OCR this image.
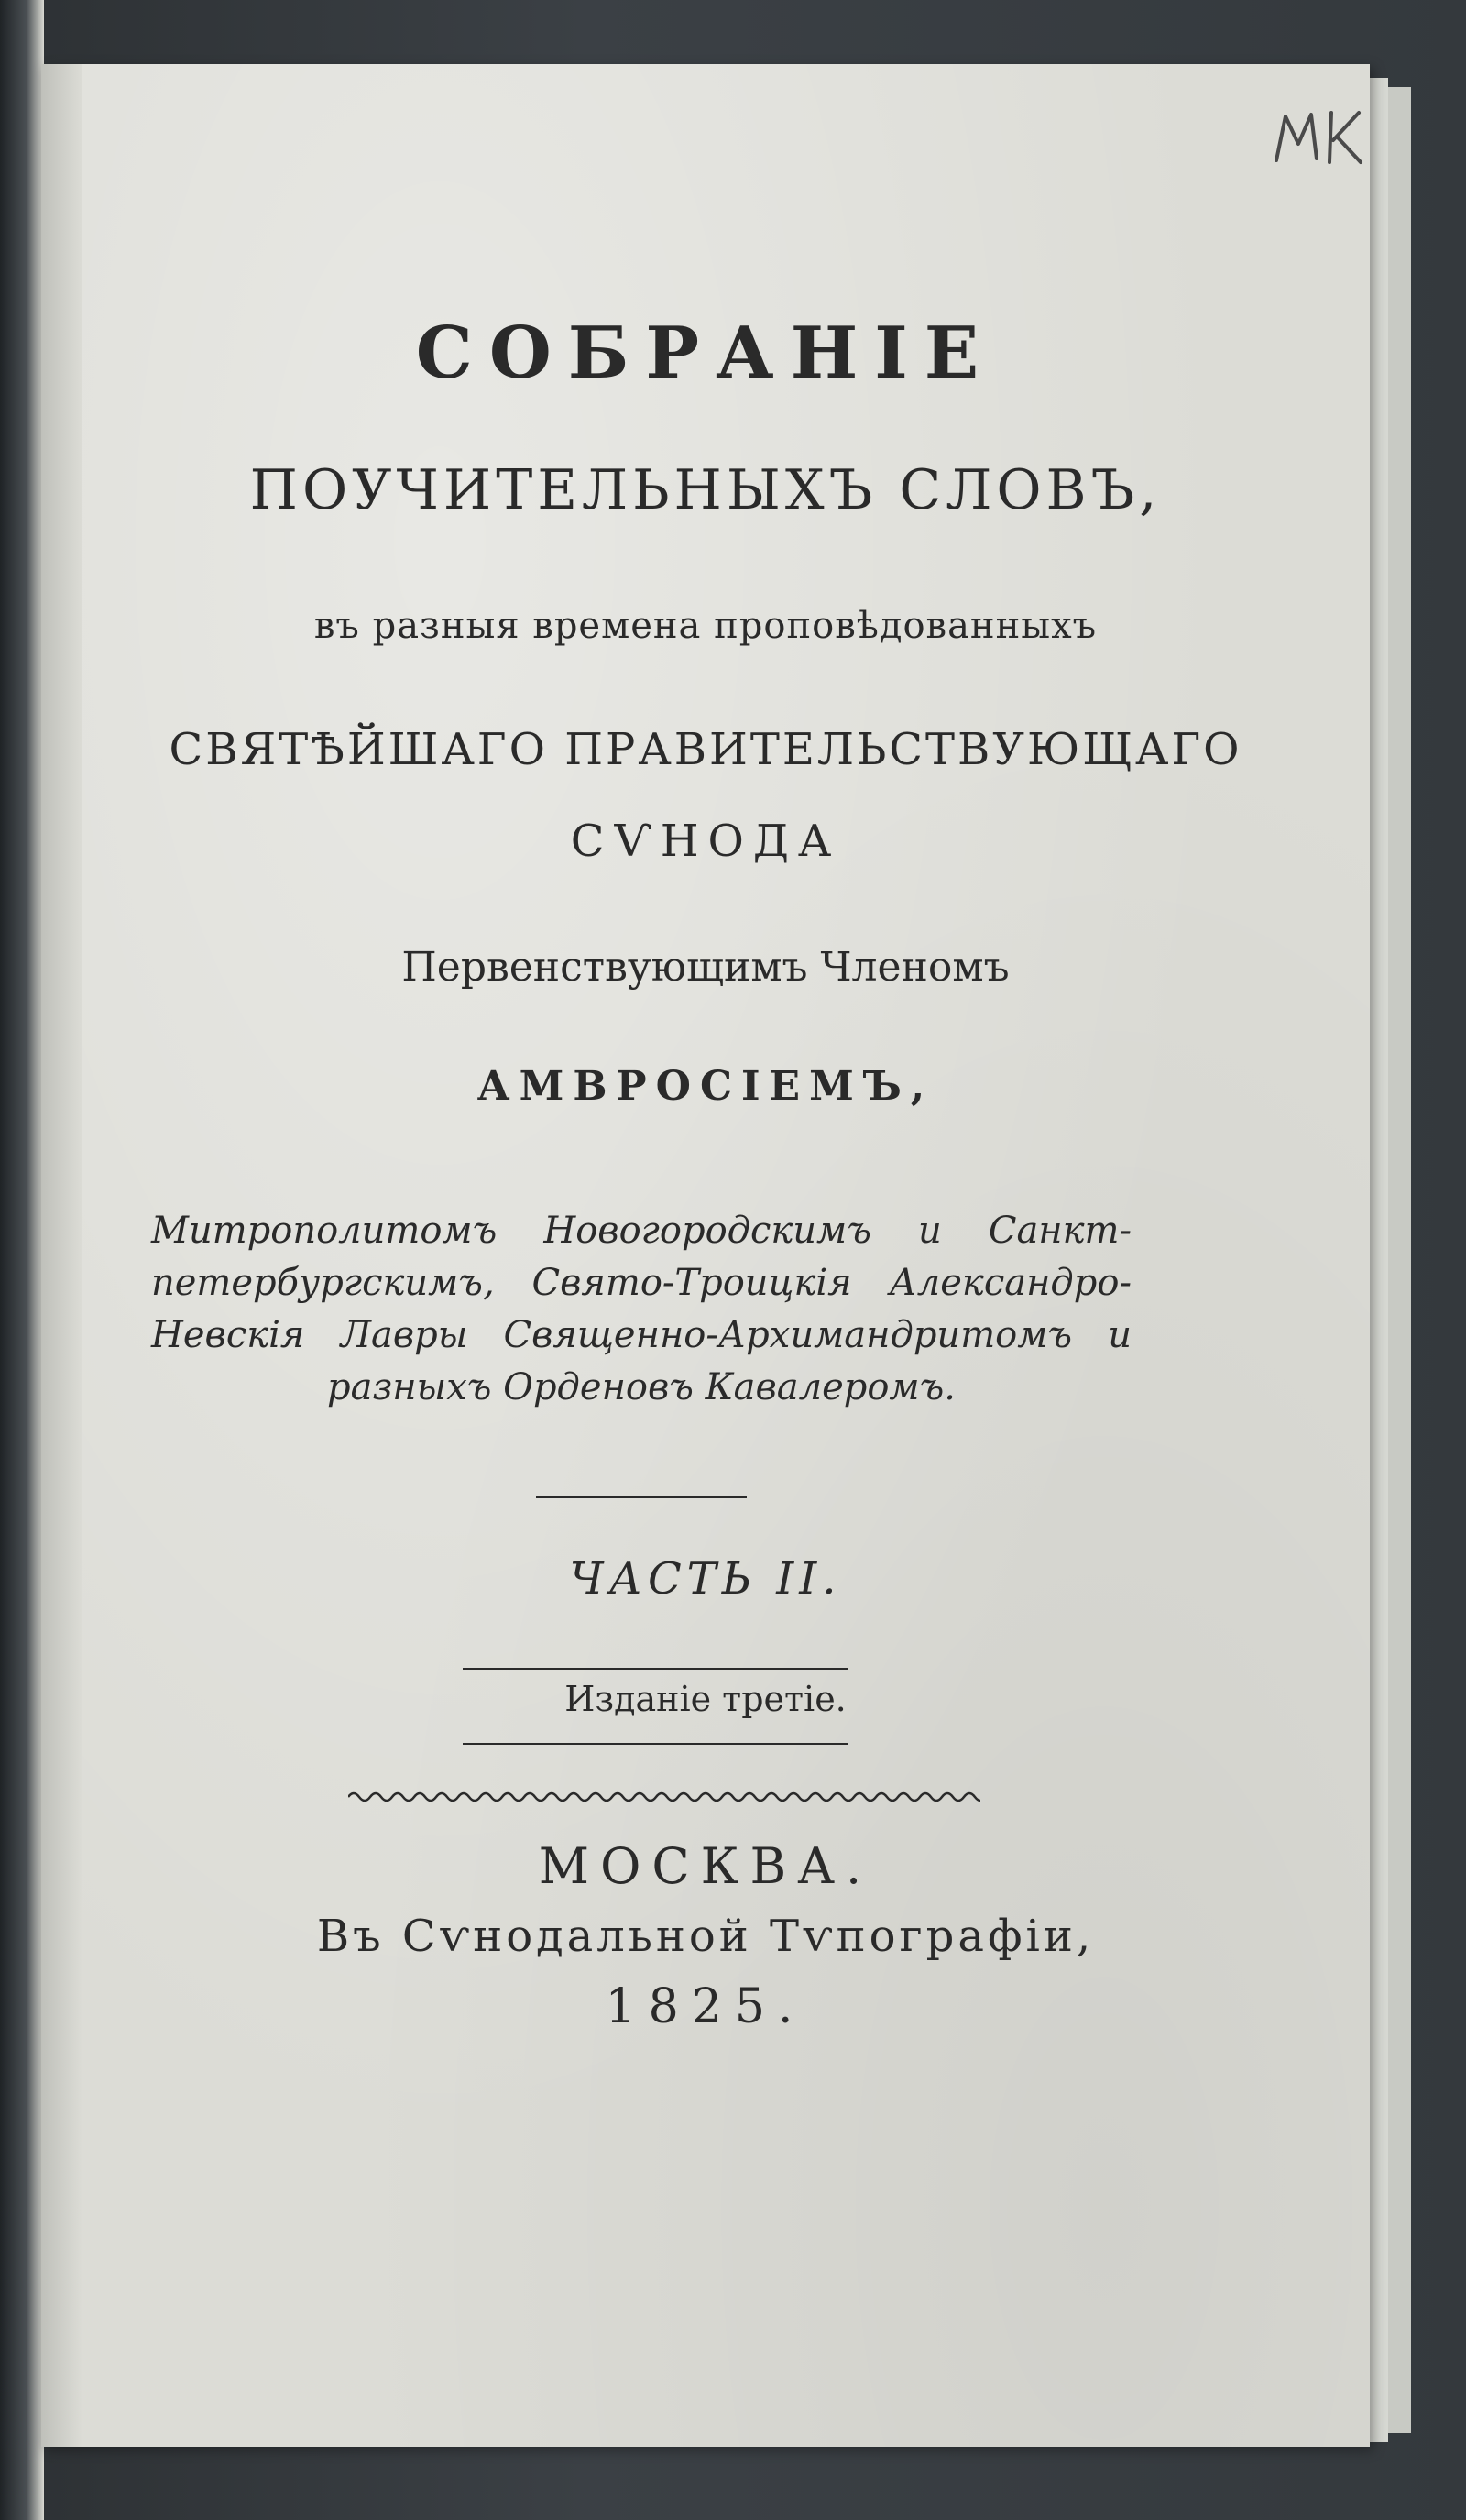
СОБРАНІЕ
ПОУЧИТЕЛЬНЫХЪ СЛОВЪ,
въ разныя времена проповѣдованныхъ
СВЯТѢЙШАГО ПРАВИТЕЛЬСТВУЮЩАГО
СѴНОДА
Первенствующимъ Членомъ
АМВРОСІЕМЪ,
Митрополитомъ Новогородскимъ и Санкт-
петербургскимъ, Свято-Троицкія Александро-
Невскія Лавры Священно-Архимандритомъ и
разныхъ Орденовъ Кавалеромъ.
ЧАСТЬ II.
Изданіе третіе.
МОСКВА.
Въ Сѵнодальной Тѵпографіи,
1825.
